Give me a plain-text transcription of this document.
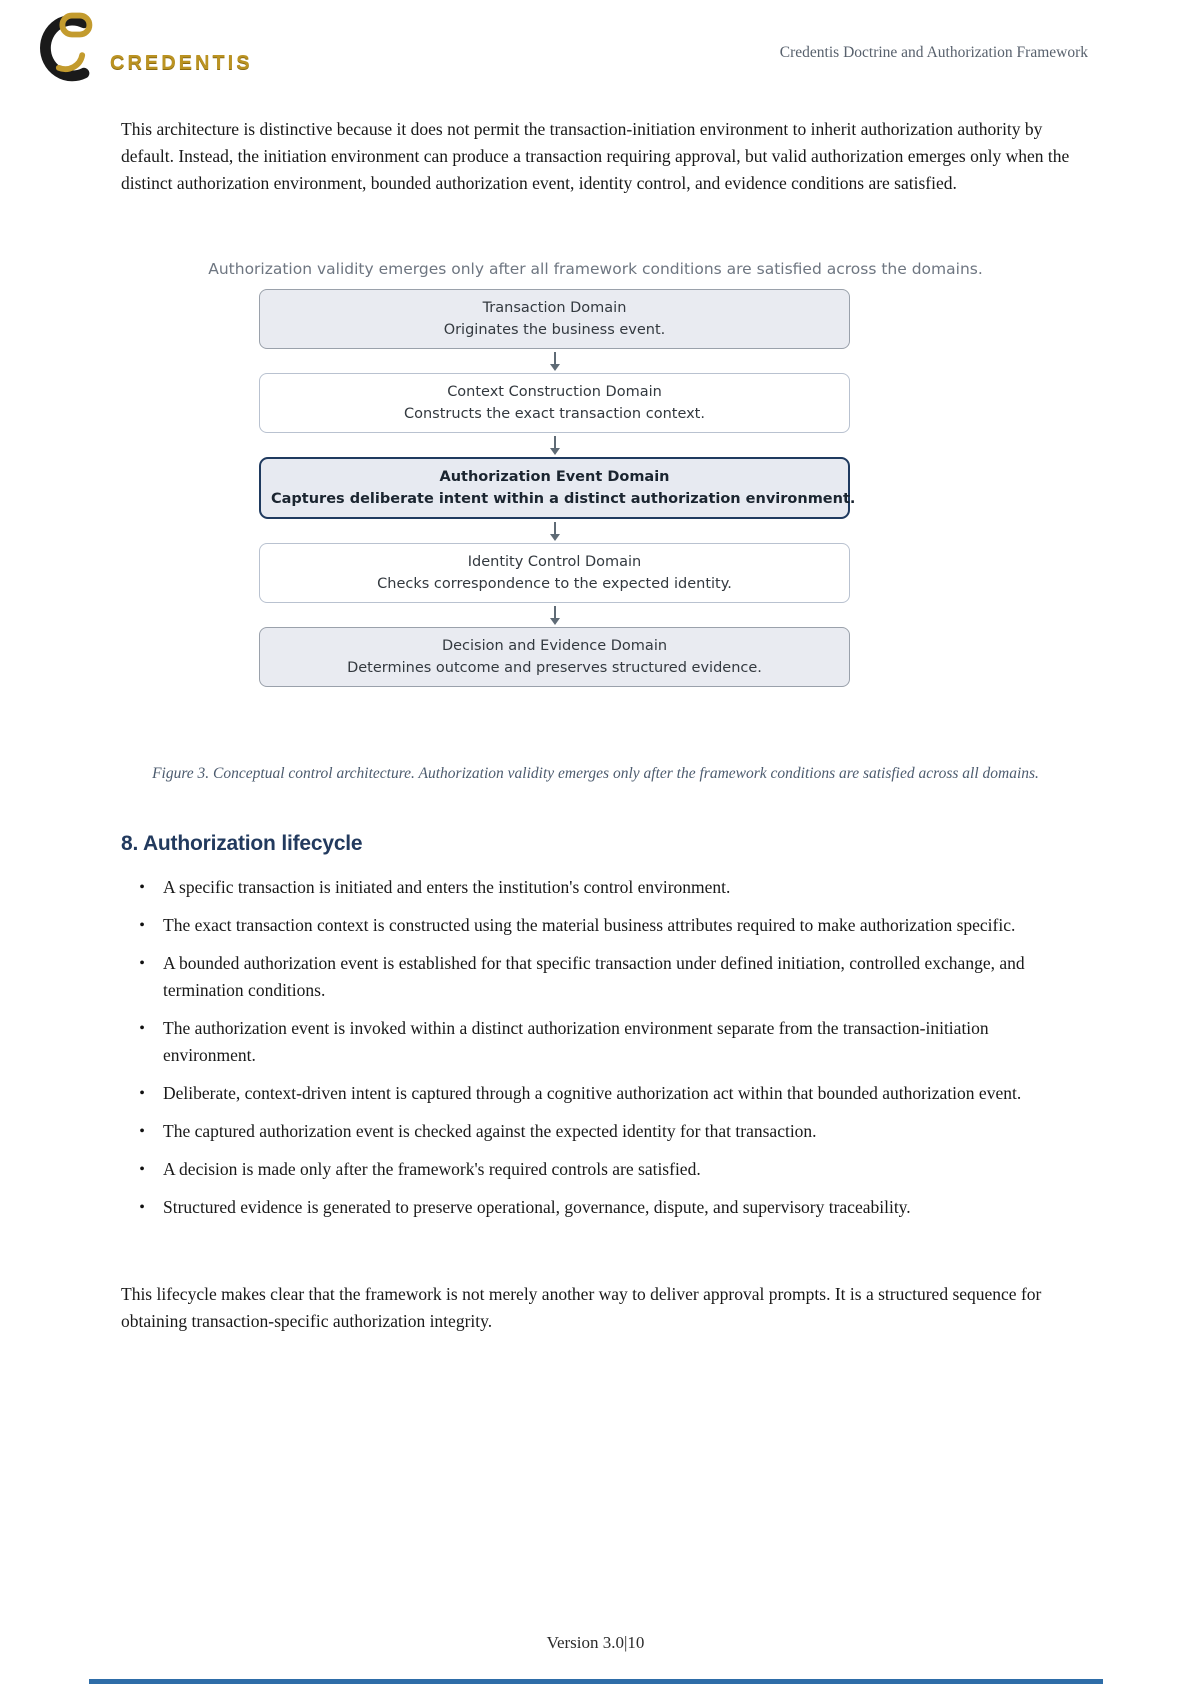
CREDENTIS	Credentis Doctrine and Authorization Framework
This architecture is distinctive because it does not permit the transaction-initiation environment to inherit authorization authority by default. Instead, the initiation environment can produce a transaction requiring approval, but valid authorization emerges only when the distinct authorization environment, bounded authorization event, identity control, and evidence conditions are satisfied.
Authorization validity emerges only after all framework conditions are satisfied across the domains.
Transaction Domain
Originates the business event.
Context Construction Domain
Constructs the exact transaction context.
Authorization Event Domain
Captures deliberate intent within a distinct authorization environment.
Identity Control Domain
Checks correspondence to the expected identity.
Decision and Evidence Domain
Determines outcome and preserves structured evidence.
Figure 3. Conceptual control architecture. Authorization validity emerges only after the framework conditions are satisfied across all domains.
8. Authorization lifecycle
•	A specific transaction is initiated and enters the institution's control environment.
•	The exact transaction context is constructed using the material business attributes required to make authorization specific.
•	A bounded authorization event is established for that specific transaction under defined initiation, controlled exchange, and termination conditions.
•	The authorization event is invoked within a distinct authorization environment separate from the transaction-initiation environment.
•	Deliberate, context-driven intent is captured through a cognitive authorization act within that bounded authorization event.
•	The captured authorization event is checked against the expected identity for that transaction.
•	A decision is made only after the framework's required controls are satisfied.
•	Structured evidence is generated to preserve operational, governance, dispute, and supervisory traceability.
This lifecycle makes clear that the framework is not merely another way to deliver approval prompts. It is a structured sequence for obtaining transaction-specific authorization integrity.
Version 3.0|10
